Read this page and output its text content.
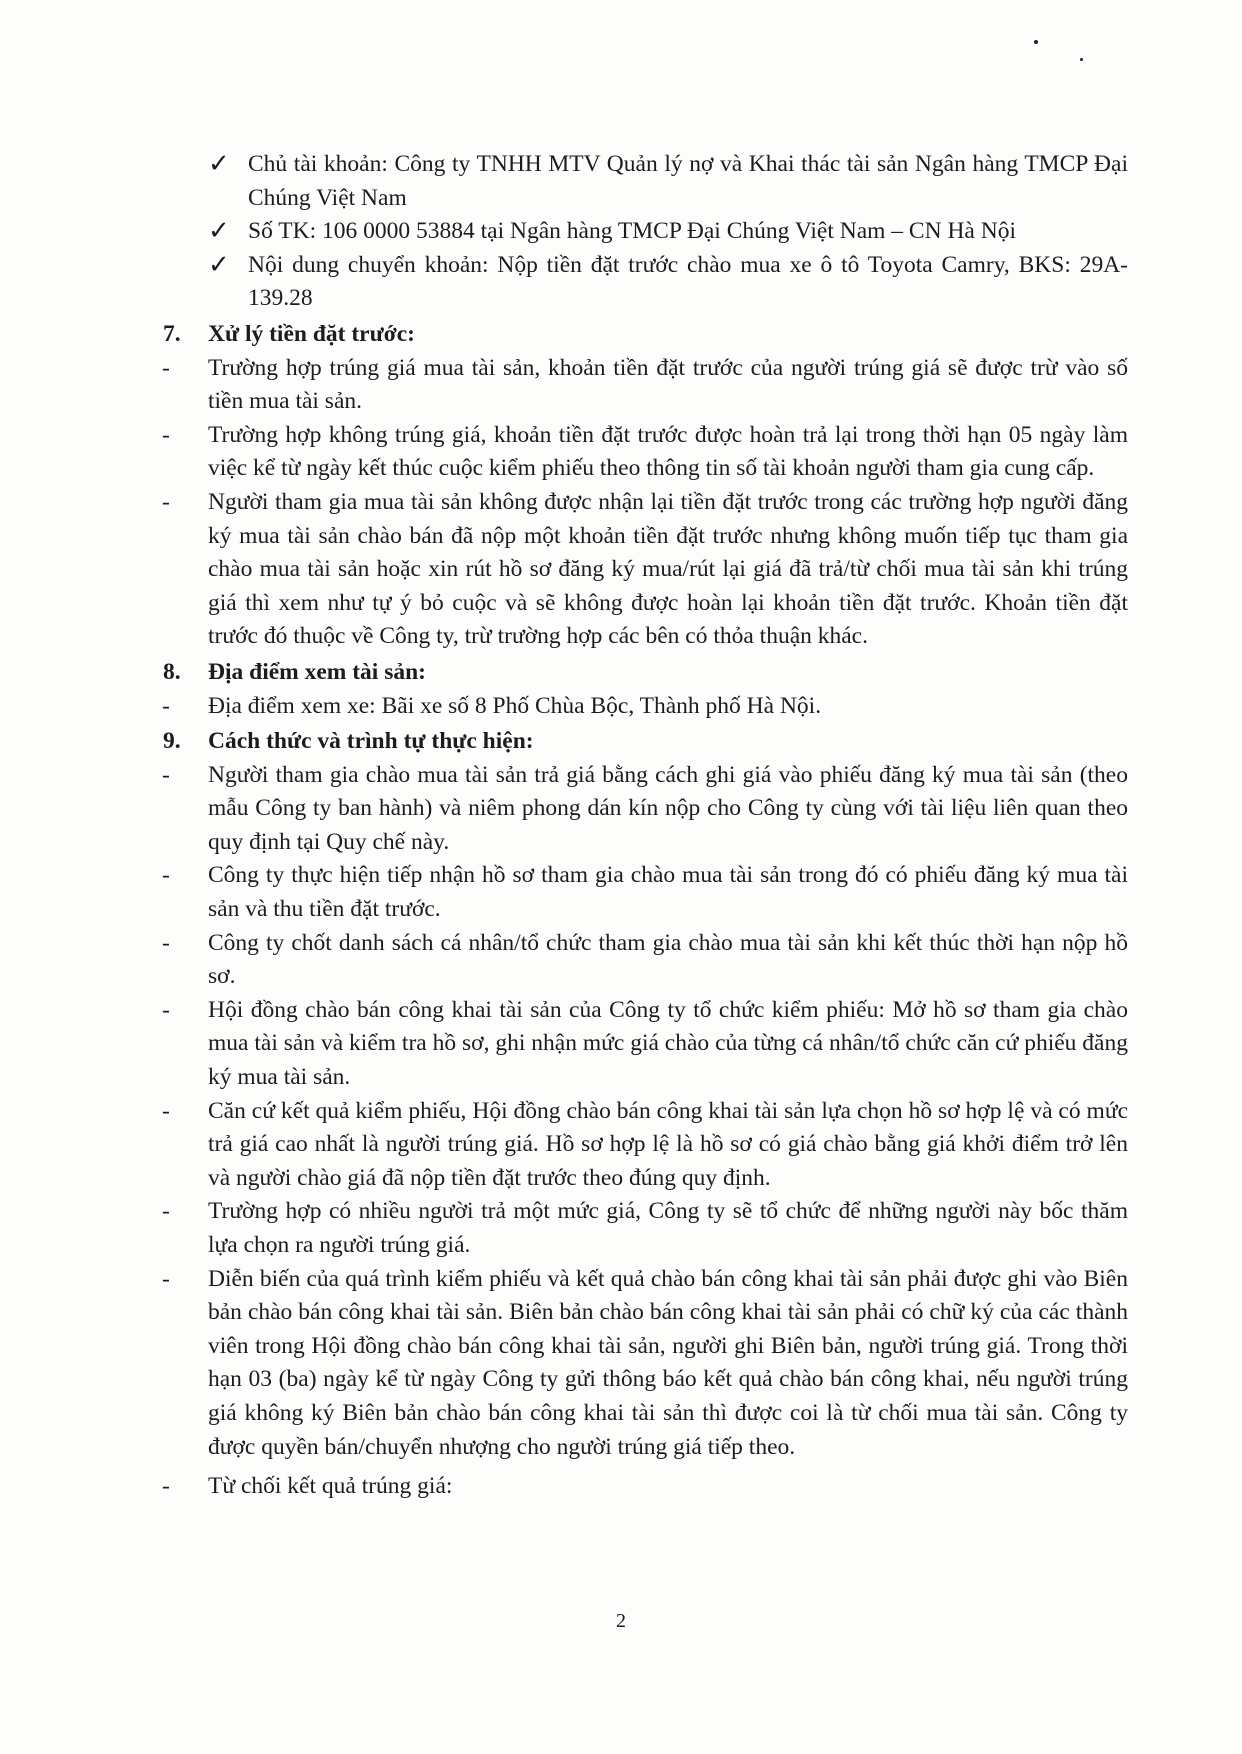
✓ Chủ tài khoản: Công ty TNHH MTV Quản lý nợ và Khai thác tài sản Ngân hàng TMCP Đại Chúng Việt Nam
✓ Số TK: 106 0000 53884 tại Ngân hàng TMCP Đại Chúng Việt Nam – CN Hà Nội
✓ Nội dung chuyển khoản: Nộp tiền đặt trước chào mua xe ô tô Toyota Camry, BKS: 29A-139.28
7. Xử lý tiền đặt trước:
- Trường hợp trúng giá mua tài sản, khoản tiền đặt trước của người trúng giá sẽ được trừ vào số tiền mua tài sản.
- Trường hợp không trúng giá, khoản tiền đặt trước được hoàn trả lại trong thời hạn 05 ngày làm việc kể từ ngày kết thúc cuộc kiểm phiếu theo thông tin số tài khoản người tham gia cung cấp.
- Người tham gia mua tài sản không được nhận lại tiền đặt trước trong các trường hợp người đăng ký mua tài sản chào bán đã nộp một khoản tiền đặt trước nhưng không muốn tiếp tục tham gia chào mua tài sản hoặc xin rút hồ sơ đăng ký mua/rút lại giá đã trả/từ chối mua tài sản khi trúng giá thì xem như tự ý bỏ cuộc và sẽ không được hoàn lại khoản tiền đặt trước. Khoản tiền đặt trước đó thuộc về Công ty, trừ trường hợp các bên có thỏa thuận khác.
8. Địa điểm xem tài sản:
- Địa điểm xem xe: Bãi xe số 8 Phố Chùa Bộc, Thành phố Hà Nội.
9. Cách thức và trình tự thực hiện:
- Người tham gia chào mua tài sản trả giá bằng cách ghi giá vào phiếu đăng ký mua tài sản (theo mẫu Công ty ban hành) và niêm phong dán kín nộp cho Công ty cùng với tài liệu liên quan theo quy định tại Quy chế này.
- Công ty thực hiện tiếp nhận hồ sơ tham gia chào mua tài sản trong đó có phiếu đăng ký mua tài sản và thu tiền đặt trước.
- Công ty chốt danh sách cá nhân/tổ chức tham gia chào mua tài sản khi kết thúc thời hạn nộp hồ sơ.
- Hội đồng chào bán công khai tài sản của Công ty tổ chức kiểm phiếu: Mở hồ sơ tham gia chào mua tài sản và kiểm tra hồ sơ, ghi nhận mức giá chào của từng cá nhân/tổ chức căn cứ phiếu đăng ký mua tài sản.
- Căn cứ kết quả kiểm phiếu, Hội đồng chào bán công khai tài sản lựa chọn hồ sơ hợp lệ và có mức trả giá cao nhất là người trúng giá. Hồ sơ hợp lệ là hồ sơ có giá chào bằng giá khởi điểm trở lên và người chào giá đã nộp tiền đặt trước theo đúng quy định.
- Trường hợp có nhiều người trả một mức giá, Công ty sẽ tổ chức để những người này bốc thăm lựa chọn ra người trúng giá.
- Diễn biến của quá trình kiểm phiếu và kết quả chào bán công khai tài sản phải được ghi vào Biên bản chào bán công khai tài sản. Biên bản chào bán công khai tài sản phải có chữ ký của các thành viên trong Hội đồng chào bán công khai tài sản, người ghi Biên bản, người trúng giá. Trong thời hạn 03 (ba) ngày kể từ ngày Công ty gửi thông báo kết quả chào bán công khai, nếu người trúng giá không ký Biên bản chào bán công khai tài sản thì được coi là từ chối mua tài sản. Công ty được quyền bán/chuyển nhượng cho người trúng giá tiếp theo.
- Từ chối kết quả trúng giá:
2
